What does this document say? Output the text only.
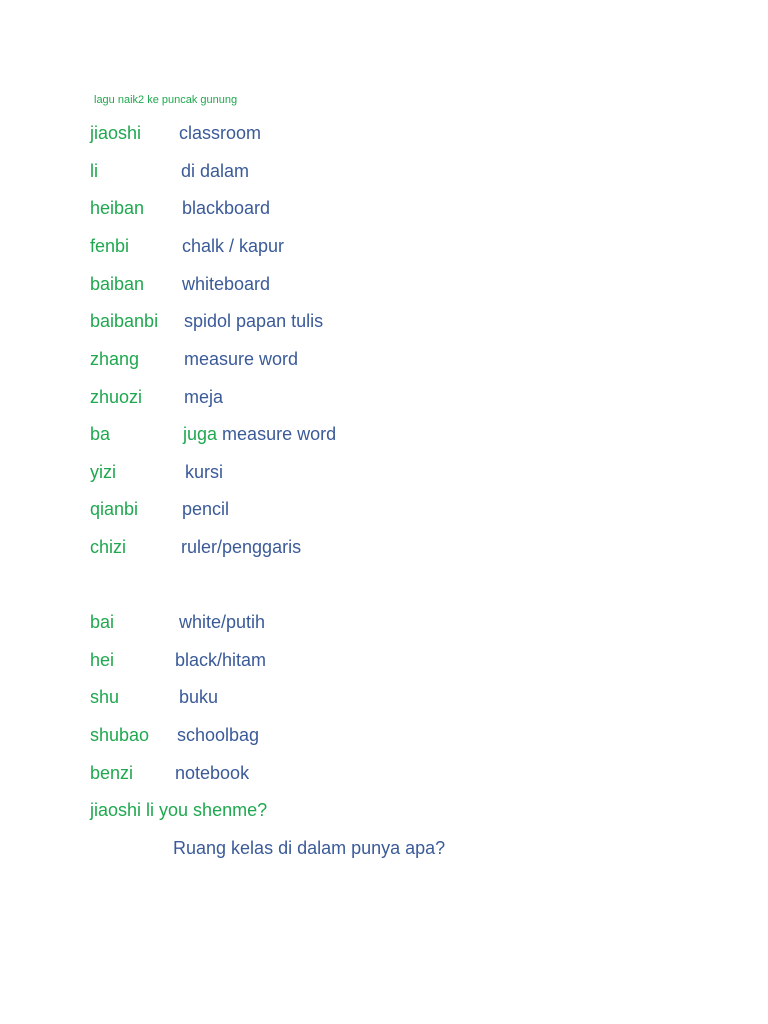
lagu naik2 ke puncak gunung
jiaoshi classroom
li	di dalam
heiban blackboard
fenbi	chalk / kapur
baiban whiteboard
baibanbi spidol papan tulis
zhang measure word
zhuozi meja
ba	juga measure word
yizi	kursi
qianbi pencil
chizi	ruler/penggaris
bai	white/putih
hei	black/hitam
shu	buku
shubao schoolbag
benzi notebook
jiaoshi li you shenme?
Ruang kelas di dalam punya apa?
